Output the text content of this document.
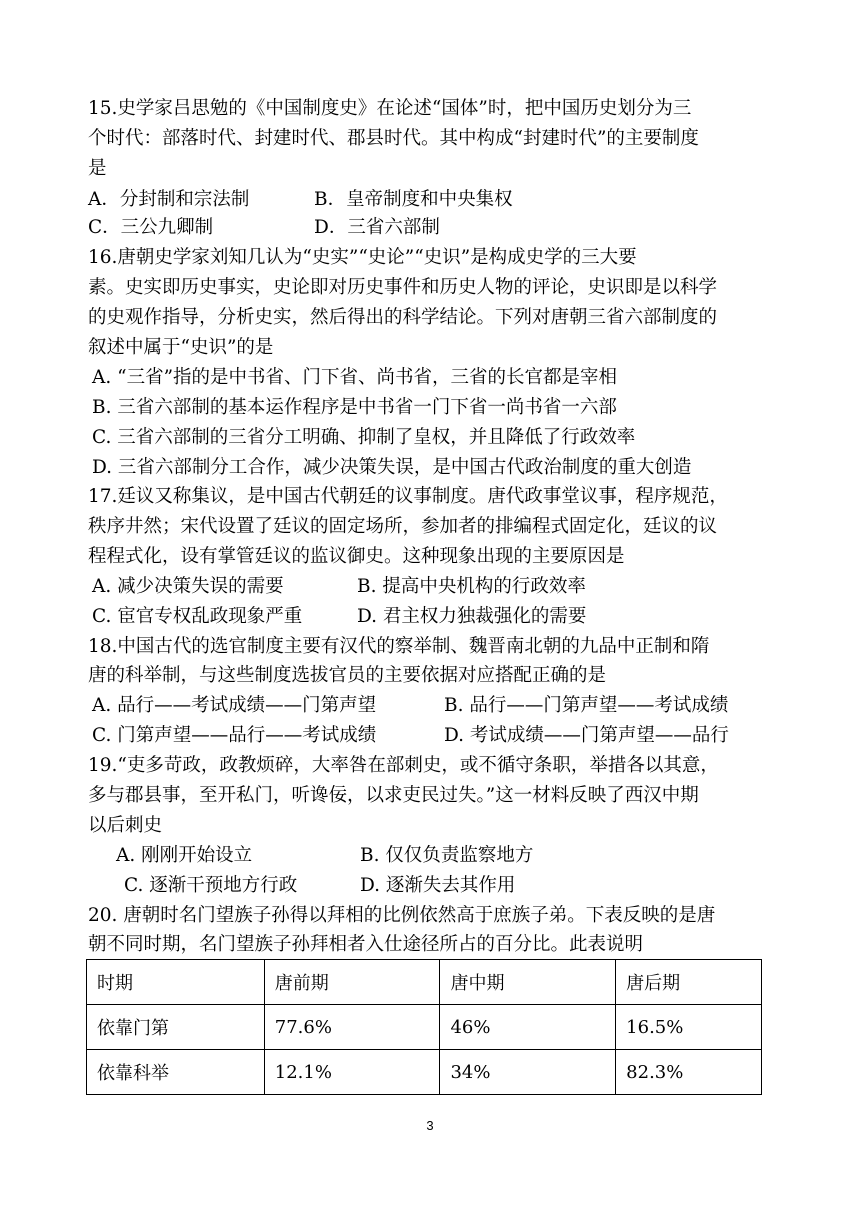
15.史学家吕思勉的《中国制度史》在论述“国体”时，把中国历史划分为三
个时代：部落时代、封建时代、郡县时代。其中构成“封建时代”的主要制度
是
A．分封制和宗法制	B．皇帝制度和中央集权
C．三公九卿制	D．三省六部制
16.唐朝史学家刘知几认为“史实”“史论”“史识”是构成史学的三大要
素。史实即历史事实，史论即对历史事件和历史人物的评论，史识即是以科学
的史观作指导，分析史实，然后得出的科学结论。下列对唐朝三省六部制度的
叙述中属于“史识”的是
A. “三省”指的是中书省、门下省、尚书省，三省的长官都是宰相
B. 三省六部制的基本运作程序是中书省一门下省一尚书省一六部
C. 三省六部制的三省分工明确、抑制了皇权，并且降低了行政效率
D. 三省六部制分工合作，减少决策失误，是中国古代政治制度的重大创造
17.廷议又称集议，是中国古代朝廷的议事制度。唐代政事堂议事，程序规范，
秩序井然；宋代设置了廷议的固定场所，参加者的排编程式固定化，廷议的议
程程式化，设有掌管廷议的监议御史。这种现象出现的主要原因是
A. 减少决策失误的需要	B. 提高中央机构的行政效率
C. 宦官专权乱政现象严重	D. 君主权力独裁强化的需要
18.中国古代的选官制度主要有汉代的察举制、魏晋南北朝的九品中正制和隋
唐的科举制，与这些制度选拔官员的主要依据对应搭配正确的是
A. 品行——考试成绩——门第声望	B. 品行——门第声望——考试成绩
C. 门第声望——品行——考试成绩	D. 考试成绩——门第声望——品行
19.“吏多苛政，政教烦碎，大率咎在部刺史，或不循守条职，举措各以其意，
多与郡县事，至开私门，听谗佞，以求吏民过失。”这一材料反映了西汉中期
以后刺史
A. 刚刚开始设立	B. 仅仅负责监察地方
C. 逐渐干预地方行政	D. 逐渐失去其作用
20. 唐朝时名门望族子孙得以拜相的比例依然高于庶族子弟。下表反映的是唐
朝不同时期，名门望族子孙拜相者入仕途径所占的百分比。此表说明
时期	唐前期	唐中期	唐后期
依靠门第	77.6%	46%	16.5%
依靠科举	12.1%	34%	82.3%
3
